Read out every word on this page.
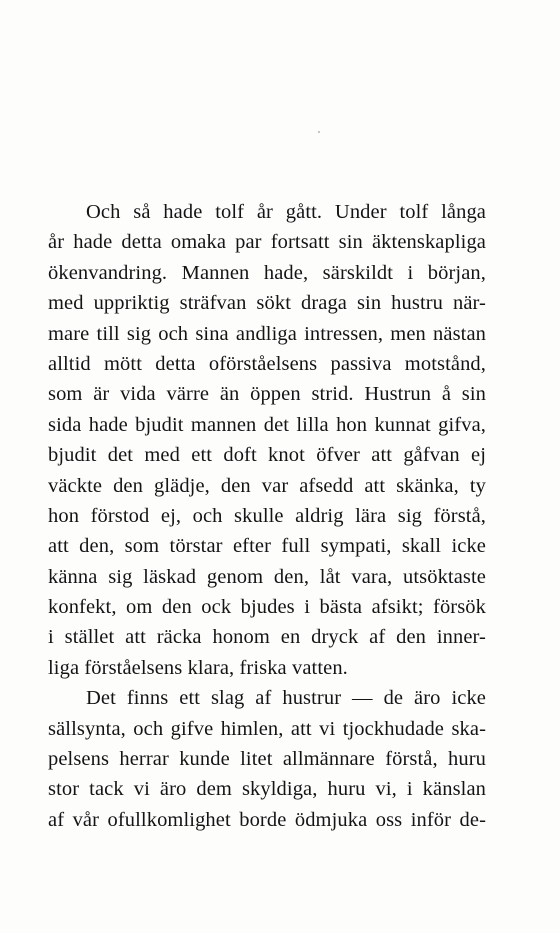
Och så hade tolf år gått. Under tolf långa
år hade detta omaka par fortsatt sin äktenskapliga
ökenvandring. Mannen hade, särskildt i början,
med uppriktig sträfvan sökt draga sin hustru när-
mare till sig och sina andliga intressen, men nästan
alltid mött detta oförståelsens passiva motstånd,
som är vida värre än öppen strid. Hustrun å sin
sida hade bjudit mannen det lilla hon kunnat gifva,
bjudit det med ett doft knot öfver att gåfvan ej
väckte den glädje, den var afsedd att skänka, ty
hon förstod ej, och skulle aldrig lära sig förstå,
att den, som törstar efter full sympati, skall icke
känna sig läskad genom den, låt vara, utsöktaste
konfekt, om den ock bjudes i bästa afsikt; försök
i stället att räcka honom en dryck af den inner-
liga förståelsens klara, friska vatten.
Det finns ett slag af hustrur — de äro icke
sällsynta, och gifve himlen, att vi tjockhudade ska-
pelsens herrar kunde litet allmännare förstå, huru
stor tack vi äro dem skyldiga, huru vi, i känslan
af vår ofullkomlighet borde ödmjuka oss inför de-
